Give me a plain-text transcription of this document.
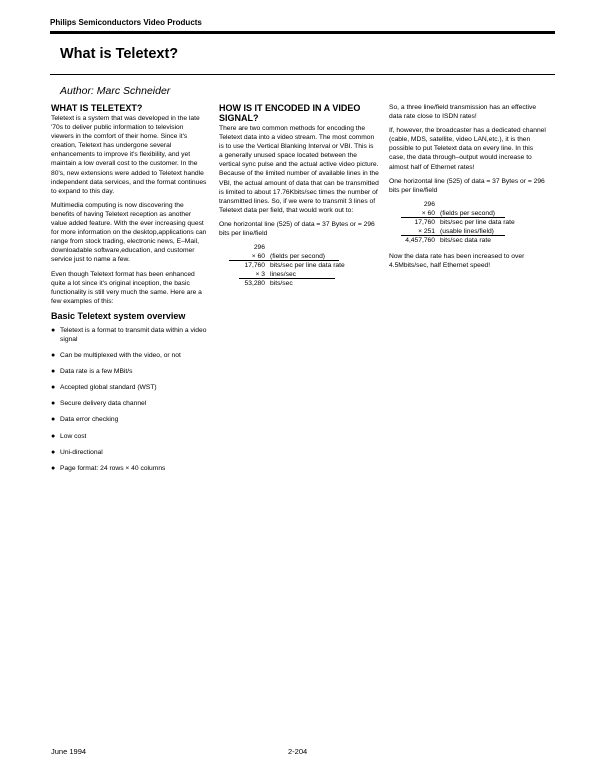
Philips Semiconductors Video Products
What is Teletext?
Author: Marc Schneider
WHAT IS TELETEXT?

Teletext is a system that was developed in the late '70s to deliver public information to television viewers in the comfort of their home. Since it's creation, Teletext has undergone several enhancements to improve it's flexibility, and yet maintain a low overall cost to the customer. In the 80's, new extensions were added to Teletext handle independent data services, and the format continues to expand to this day.

Multimedia computing is now discovering the benefits of having Teletext reception as another value added feature. With the ever increasing quest for more information on the desktop,applications can range from stock trading, electronic news, E–Mail, downloadable software,education, and customer service just to name a few.

Even though Teletext format has been enhanced quite a lot since it's original inception, the basic functionality is still very much the same. Here are a few examples of this:

Basic Teletext system overview
● Teletext is a format to transmit data within a video signal
● Can be multiplexed with the video, or not
● Data rate is a few MBit/s
● Accepted global standard (WST)
● Secure delivery data channel
● Data error checking
● Low cost
● Uni-directional
● Page format: 24 rows × 40 columns
HOW IS IT ENCODED IN A VIDEO SIGNAL?

There are two common methods for encoding the Teletext data into a video stream. The most common is to use the Vertical Blanking Interval or VBI. This is a generally unused space located between the vertical sync pulse and the actual active video picture. Because of the limited number of available lines in the VBI, the actual amount of data that can be transmitted is limited to about 17.76Kbits/sec times the number of transmitted lines. So, if we were to transmit 3 lines of Teletext data per field, that would work out to:

One horizontal line (525) of data = 37 Bytes or = 296 bits per line/field

296
× 60 (fields per second)
17,760 bits/sec per line data rate
× 3 lines/sec
53,280 bits/sec

So, a three line/field transmission has an effective data rate close to ISDN rates!

If, however, the broadcaster has a dedicated channel (cable, MDS, satellite, video LAN,etc.), it is then possible to put Teletext data on every line. In this case, the data through–output would increase to almost half of Ethernet rates!

One horizontal line (525) of data = 37 Bytes or = 296 bits per line/field

296
× 60 (fields per second)
17,760 bits/sec per line data rate
× 251 (usable lines/field)
4,457,760 bits/sec data rate

Now the data rate has been increased to over 4.5Mbits/sec, half Ethernet speed!

June 1994	2-204
